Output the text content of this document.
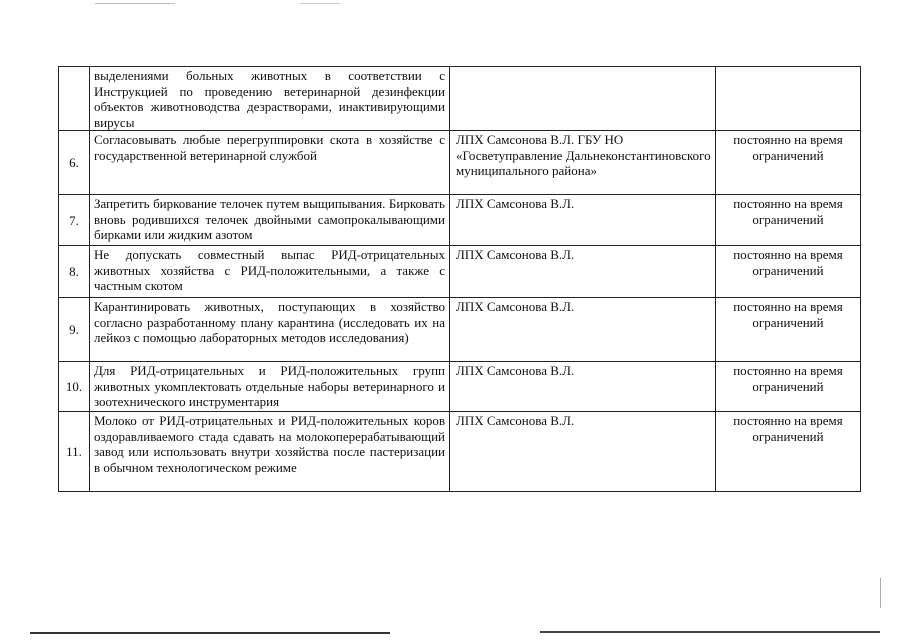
	выделениями больных животных в соответствии с Инструкцией по проведению ветеринарной дезинфекции объектов животноводства дезрастворами, инактивирующими вирусы		
6.	Согласовывать любые перегруппировки скота в хозяйстве с государственной ветеринарной службой	ЛПХ Самсонова В.Л. ГБУ НО «Госветуправление Дальнеконстантиновского муниципального района»	постоянно на время ограничений
7.	Запретить биркование телочек путем выщипывания. Бирковать вновь родившихся телочек двойными самопрокалывающими бирками или жидким азотом	ЛПХ Самсонова В.Л.	постоянно на время ограничений
8.	Не допускать совместный выпас РИД-отрицательных животных хозяйства с РИД-положительными, а также с частным скотом	ЛПХ Самсонова В.Л.	постоянно на время ограничений
9.	Карантинировать животных, поступающих в хозяйство согласно разработанному плану карантина (исследовать их на лейкоз с помощью лабораторных методов исследования)	ЛПХ Самсонова В.Л.	постоянно на время ограничений
10.	Для РИД-отрицательных и РИД-положительных групп животных укомплектовать отдельные наборы ветеринарного и зоотехнического инструментария	ЛПХ Самсонова В.Л.	постоянно на время ограничений
11.	Молоко от РИД-отрицательных и РИД-положительных коров оздоравливаемого стада сдавать на молокоперерабатывающий завод или использовать внутри хозяйства после пастеризации в обычном технологическом режиме	ЛПХ Самсонова В.Л.	постоянно на время ограничений
